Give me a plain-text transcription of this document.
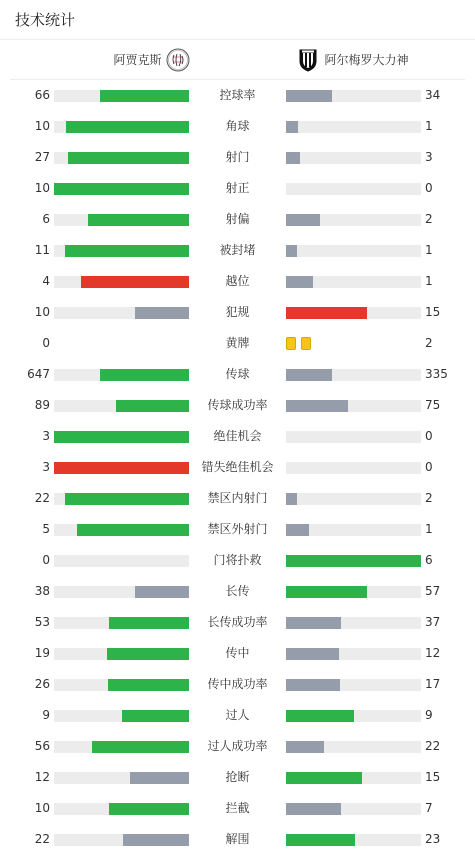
技术统计
阿贾克斯	阿尔梅罗大力神
66	控球率	34
10	角球	1
27	射门	3
10	射正	0
6	射偏	2
11	被封堵	1
4	越位	1
10	犯规	15
0	黄牌	2
647	传球	335
89	传球成功率	75
3	绝佳机会	0
3	错失绝佳机会	0
22	禁区内射门	2
5	禁区外射门	1
0	门将扑救	6
38	长传	57
53	长传成功率	37
19	传中	12
26	传中成功率	17
9	过人	9
56	过人成功率	22
12	抢断	15
10	拦截	7
22	解围	23
